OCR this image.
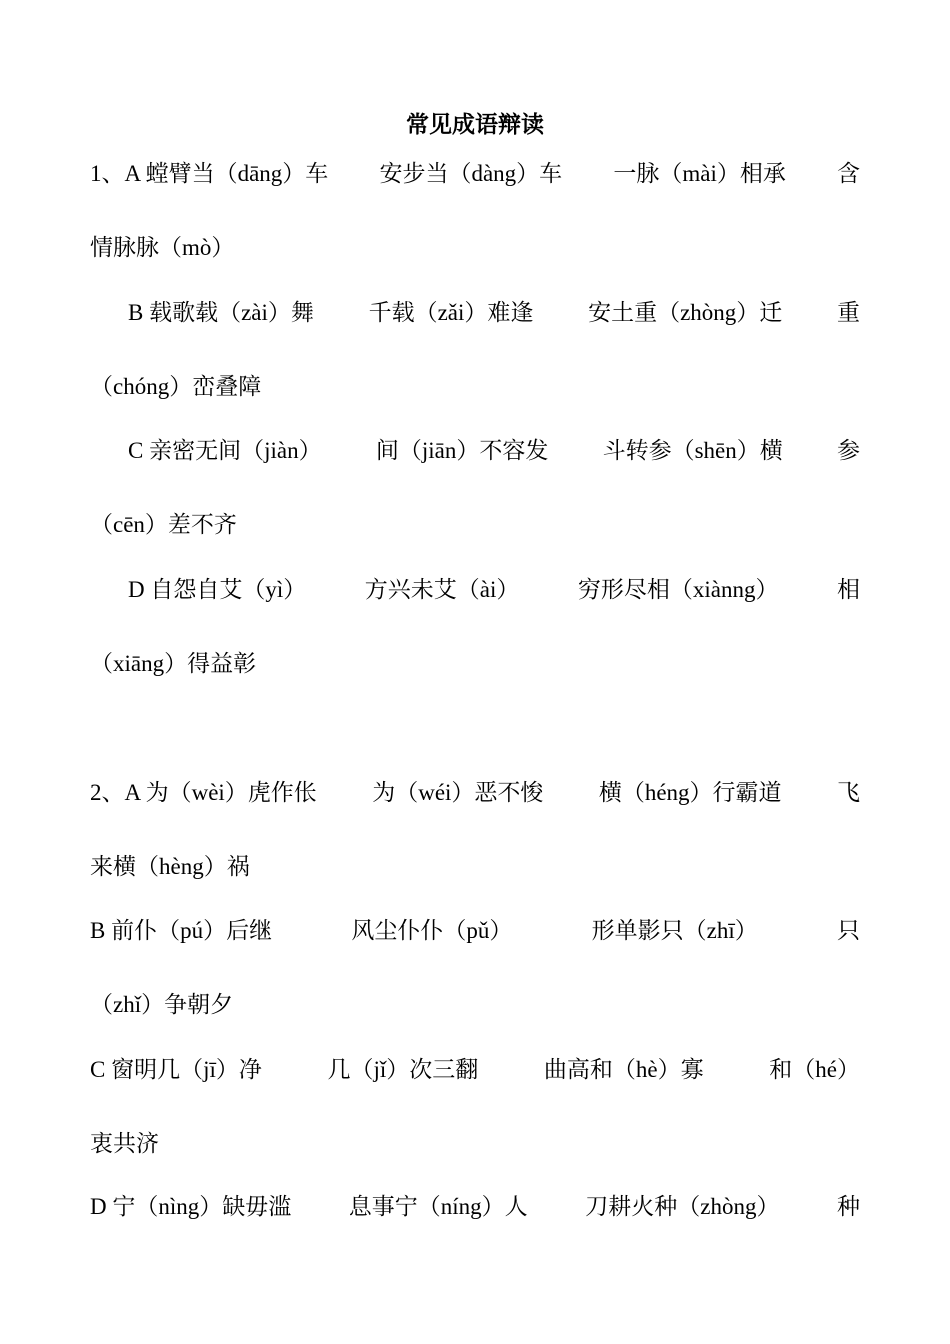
常见成语辩读
1、A 螳臂当（dāng）车 安步当（dàng）车 一脉（mài）相承 含
情脉脉（mò）
B 载歌载（zài）舞 千载（zǎi）难逢 安土重（zhòng）迁 重
（chóng）峦叠障
C 亲密无间（jiàn） 间（jiān）不容发 斗转参（shēn）横 参
（cēn）差不齐
D 自怨自艾（yì）	方兴未艾（ài）	穷形尽相（xiànng）	相
（xiāng）得益彰
2、A 为（wèi）虎作伥 为（wéi）恶不悛 横（héng）行霸道 飞
来横（hèng）祸
B 前仆（pú）后继	风尘仆仆（pǔ）	形单影只（zhī）	只
（zhǐ）争朝夕
C 窗明几（jī）净	几（jǐ）次三翻	曲高和（hè）寡	和（hé）
衷共济
D 宁（nìng）缺毋滥	息事宁（níng）人	刀耕火种（zhòng）	种
